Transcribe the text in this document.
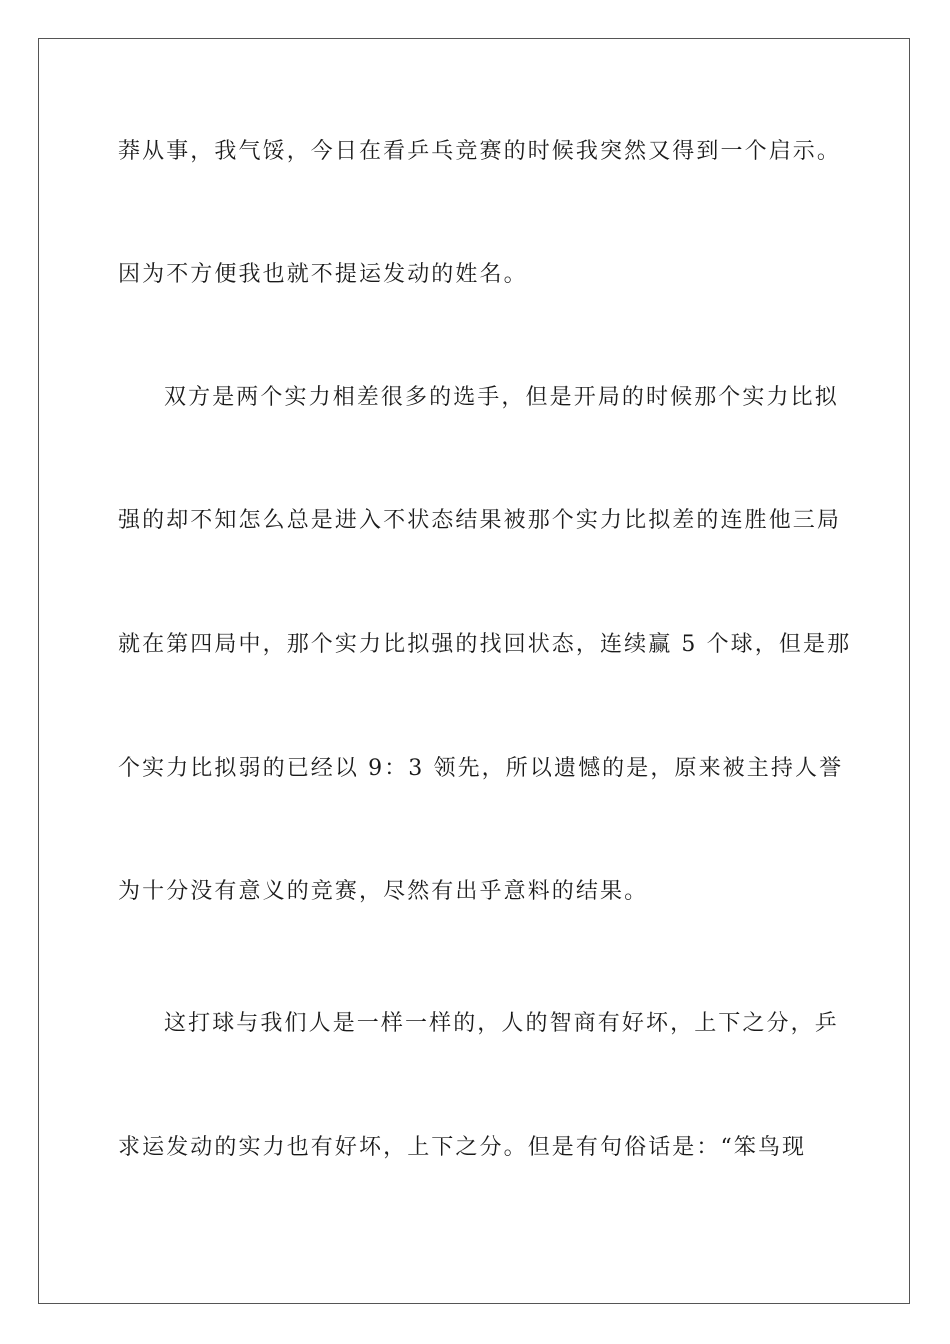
莽从事，我气馁，今日在看乒乓竞赛的时候我突然又得到一个启示。
因为不方便我也就不提运发动的姓名。
双方是两个实力相差很多的选手，但是开局的时候那个实力比拟
强的却不知怎么总是进入不状态结果被那个实力比拟差的连胜他三局
就在第四局中，那个实力比拟强的找回状态，连续赢 5 个球，但是那
个实力比拟弱的已经以 9：3 领先，所以遗憾的是，原来被主持人誉
为十分没有意义的竞赛，尽然有出乎意料的结果。
这打球与我们人是一样一样的，人的智商有好坏，上下之分，乒
求运发动的实力也有好坏，上下之分。但是有句俗话是：“笨鸟现
